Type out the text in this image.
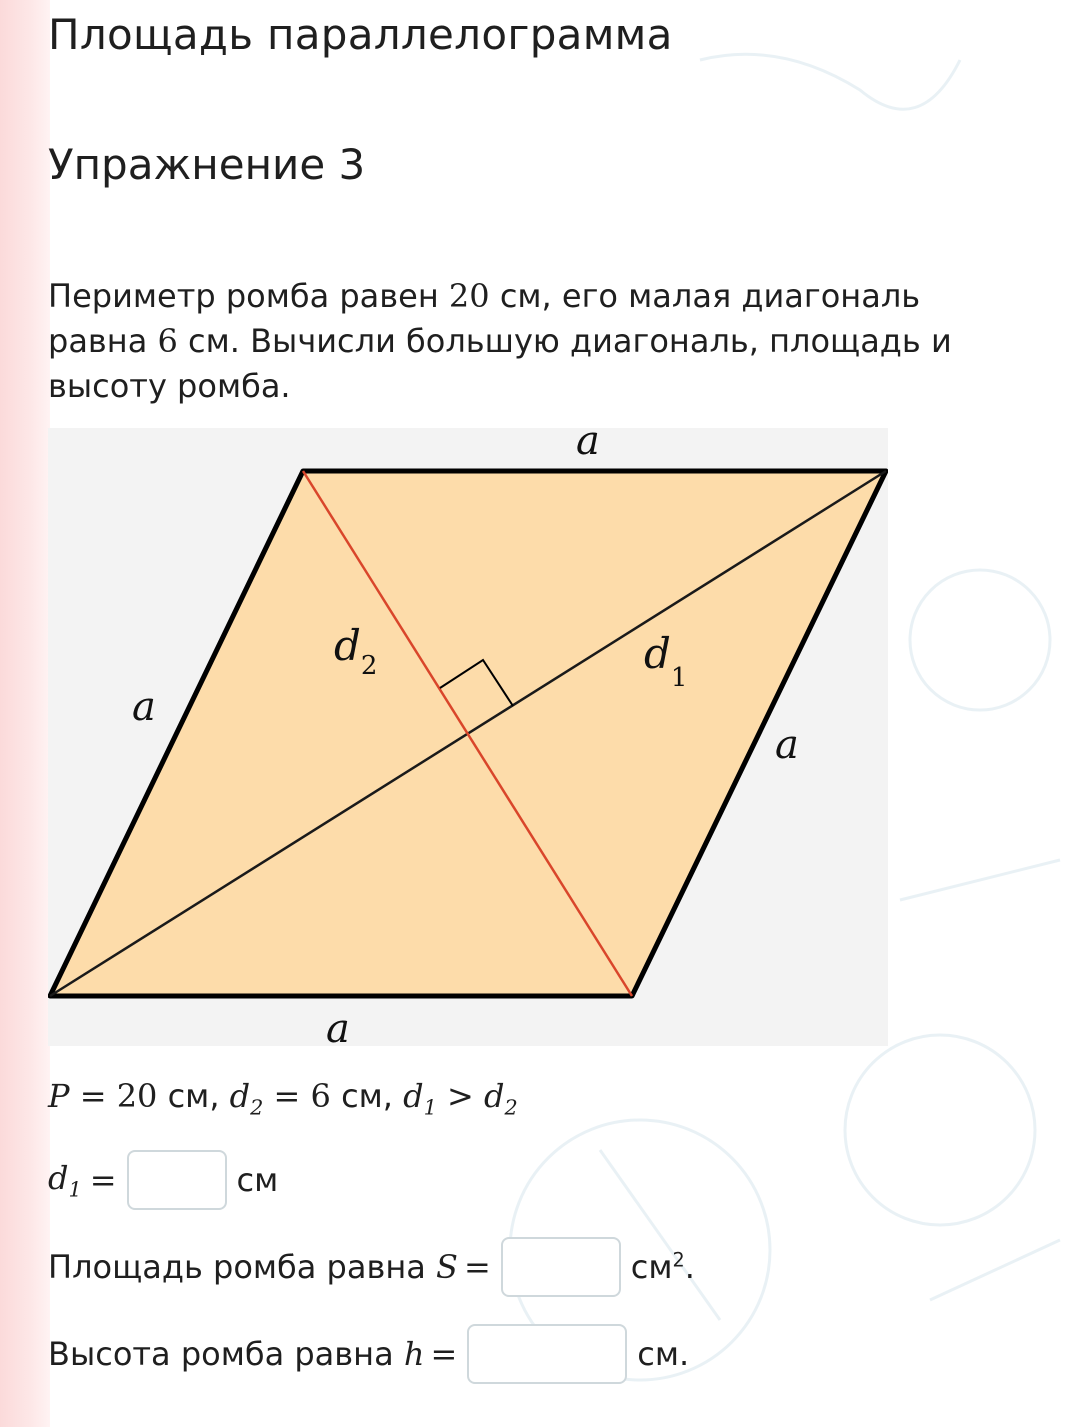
Площадь параллелограмма
Упражнение 3

Периметр ромба равен 20 см, его малая диагональ равна 6 см. Вычисли большую диагональ, площадь и высоту ромба.

a
a
a
a
$d_2$	$d_1$

P = 20 см, $d_2 = 6$ см, $d_1 > d_2$

$d_1$ =	см
Площадь ромба равна S =	$см^2$.
Высота ромба равна h =	см.
